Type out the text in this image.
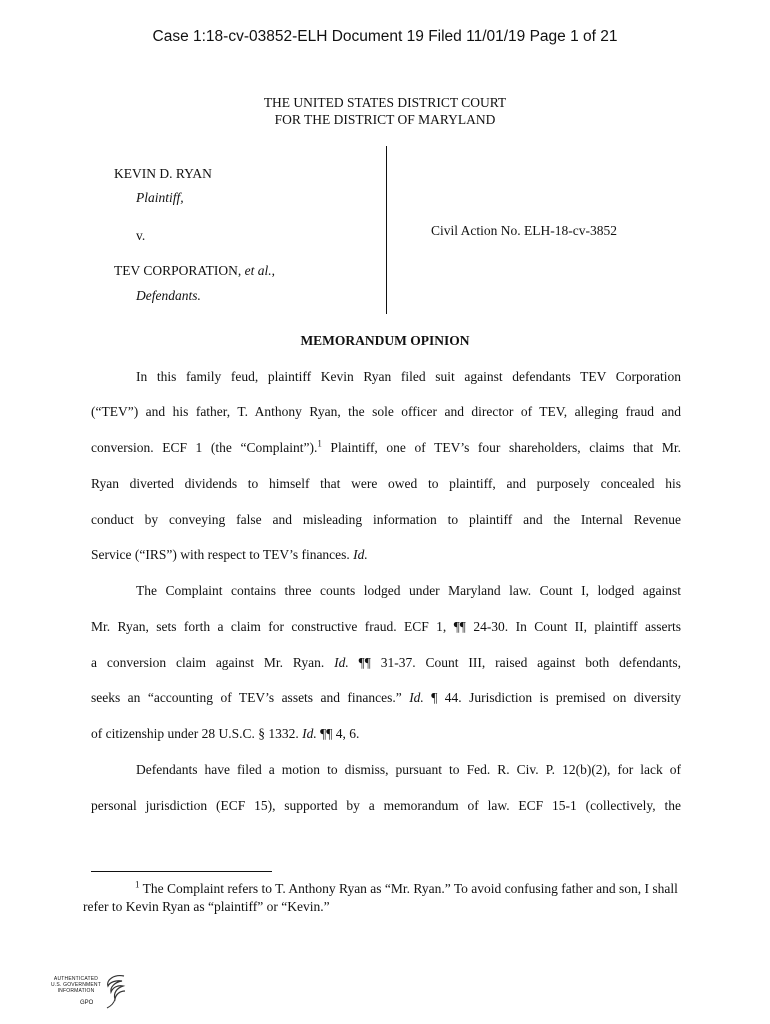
Case 1:18-cv-03852-ELH Document 19 Filed 11/01/19 Page 1 of 21
THE UNITED STATES DISTRICT COURT
FOR THE DISTRICT OF MARYLAND
KEVIN D. RYAN
Plaintiff,
v.
TEV CORPORATION, et al.,
Defendants.
Civil Action No. ELH-18-cv-3852
MEMORANDUM OPINION
In this family feud, plaintiff Kevin Ryan filed suit against defendants TEV Corporation
(“TEV”) and his father, T. Anthony Ryan, the sole officer and director of TEV, alleging fraud and
conversion. ECF 1 (the “Complaint”).$^1$ Plaintiff, one of TEV’s four shareholders, claims that Mr.
Ryan diverted dividends to himself that were owed to plaintiff, and purposely concealed his
conduct by conveying false and misleading information to plaintiff and the Internal Revenue
Service (“IRS”) with respect to TEV’s finances. Id.
The Complaint contains three counts lodged under Maryland law. Count I, lodged against
Mr. Ryan, sets forth a claim for constructive fraud. ECF 1, ¶¶ 24-30. In Count II, plaintiff asserts
a conversion claim against Mr. Ryan. Id. ¶¶ 31-37. Count III, raised against both defendants,
seeks an “accounting of TEV’s assets and finances.” Id. ¶ 44. Jurisdiction is premised on diversity
of citizenship under 28 U.S.C. § 1332. Id. ¶¶ 4, 6.
Defendants have filed a motion to dismiss, pursuant to Fed. R. Civ. P. 12(b)(2), for lack of
personal jurisdiction (ECF 15), supported by a memorandum of law. ECF 15-1 (collectively, the
$^1$ The Complaint refers to T. Anthony Ryan as “Mr. Ryan.” To avoid confusing father and son, I shall refer to Kevin Ryan as “plaintiff” or “Kevin.”
AUTHENTICATED
U.S. GOVERNMENT
INFORMATION
GPO
